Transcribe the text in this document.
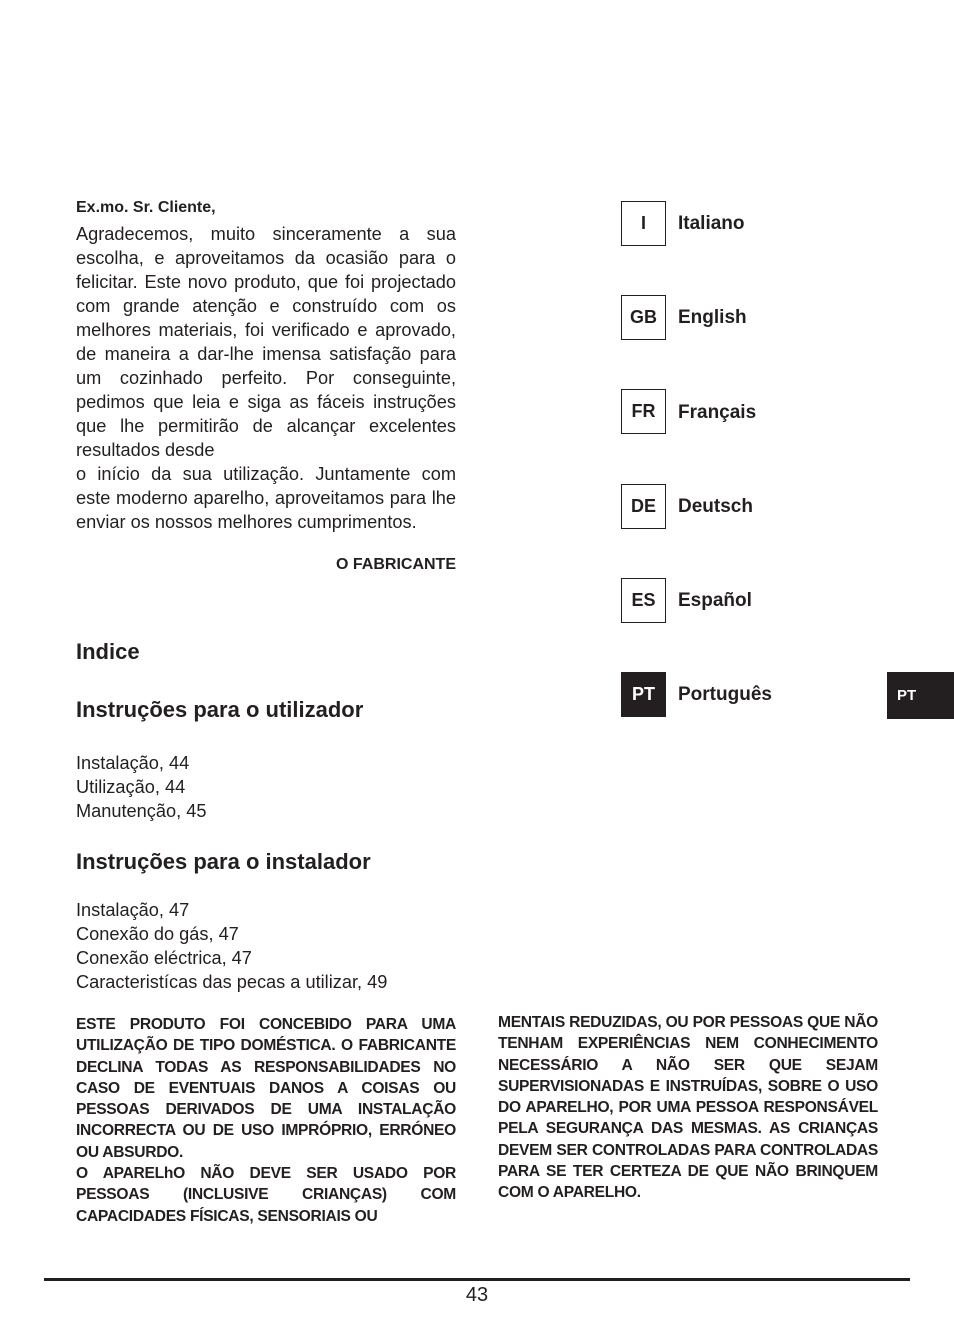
Ex.mo. Sr. Cliente,

Agradecemos, muito sinceramente a sua escolha, e aproveitamos da ocasião para o felicitar. Este novo produto, que foi projectado com grande atenção e construído com os melhores materiais, foi verificado e aprovado, de maneira a dar-lhe imensa satisfação para um cozinhado perfeito. Por conseguinte, pedimos que leia e siga as fáceis instruções que lhe permitirão de alcançar excelentes resultados desde

o início da sua utilização. Juntamente com este moderno aparelho, aproveitamos para lhe enviar os nossos melhores cumprimentos.

O FABRICANTE
Indice
Instruções para o utilizador
Instalação, 44
Utilização, 44
Manutenção, 45
Instruções para o instalador
Instalação, 47
Conexão do gás, 47
Conexão eléctrica, 47
Caracteristícas das pecas a utilizar, 49
I	Italiano
GB	English
FR	Français
DE	Deutsch
ES	Español
PT	Português	PT

ESTE PRODUTO FOI CONCEBIDO PARA UMA UTILIZAÇÃO DE TIPO DOMÉSTICA. O FABRICANTE DECLINA TODAS AS RESPONSABILIDADES NO CASO DE EVENTUAIS DANOS A COISAS OU PESSOAS DERIVADOS DE UMA INSTALAÇÃO INCORRECTA OU DE USO IMPRÓPRIO, ERRÓNEO OU ABSURDO.

O APARELhO NÃO DEVE SER USADO POR PESSOAS (INCLUSIVE CRIANÇAS) COM CAPACIDADES FÍSICAS, SENSORIAIS OU

MENTAIS REDUZIDAS, OU POR PESSOAS QUE NÃO TENHAM EXPERIÊNCIAS NEM CONHECIMENTO NECESSÁRIO A NÃO SER QUE SEJAM SUPERVISIONADAS E INSTRUÍDAS, SOBRE O USO DO APARELHO, POR UMA PESSOA RESPONSÁVEL PELA SEGURANÇA DAS MESMAS. AS CRIANÇAS DEVEM SER CONTROLADAS PARA CONTROLADAS PARA SE TER CERTEZA DE QUE NÃO BRINQUEM COM O APARELHO.

43
